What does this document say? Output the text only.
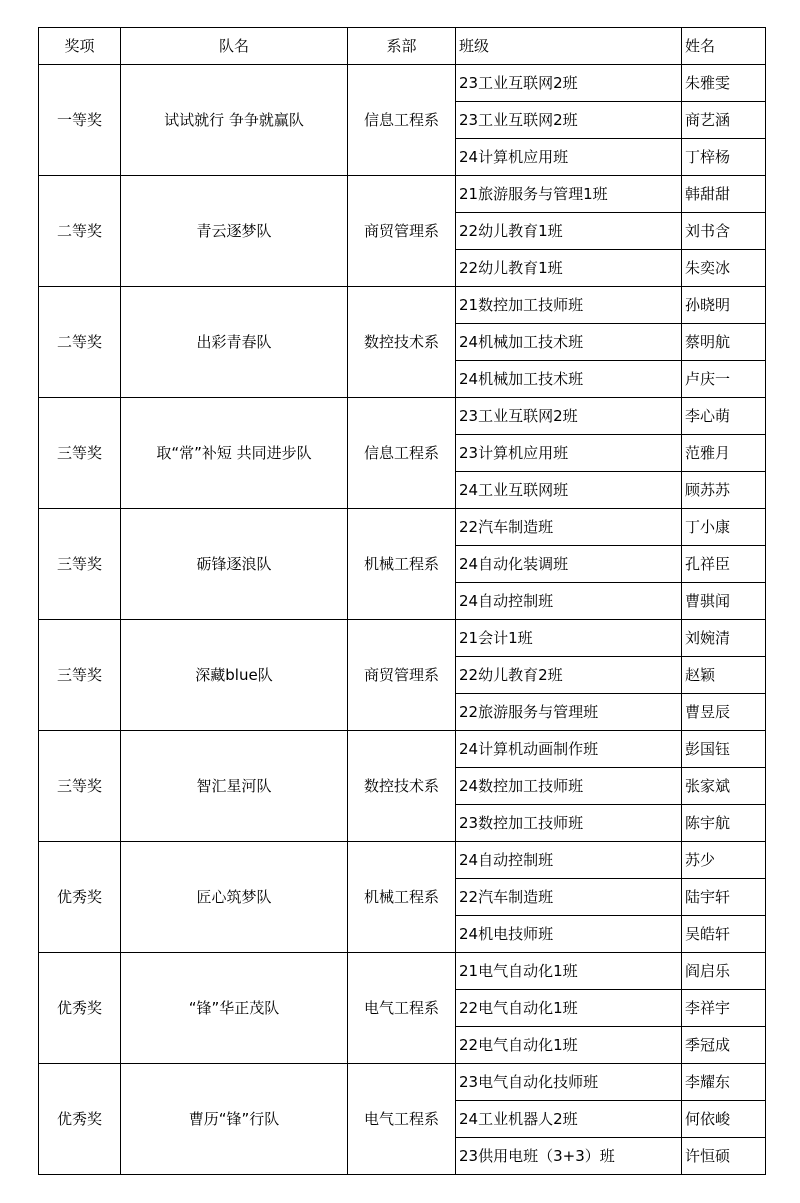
奖项	队名	系部	班级	姓名
一等奖	试试就行 争争就赢队	信息工程系	23工业互联网2班	朱雅雯
			23工业互联网2班	商艺涵
			24计算机应用班	丁梓杨
二等奖	青云逐梦队	商贸管理系	21旅游服务与管理1班	韩甜甜
			22幼儿教育1班	刘书含
			22幼儿教育1班	朱奕冰
二等奖	出彩青春队	数控技术系	21数控加工技师班	孙晓明
			24机械加工技术班	蔡明航
			24机械加工技术班	卢庆一
三等奖	取“常”补短 共同进步队	信息工程系	23工业互联网2班	李心萌
			23计算机应用班	范雅月
			24工业互联网班	顾苏苏
三等奖	砺锋逐浪队	机械工程系	22汽车制造班	丁小康
			24自动化装调班	孔祥臣
			24自动控制班	曹骐闻
三等奖	深藏blue队	商贸管理系	21会计1班	刘婉清
			22幼儿教育2班	赵颖
			22旅游服务与管理班	曹昱辰
三等奖	智汇星河队	数控技术系	24计算机动画制作班	彭国钰
			24数控加工技师班	张家斌
			23数控加工技师班	陈宇航
优秀奖	匠心筑梦队	机械工程系	24自动控制班	苏少
			22汽车制造班	陆宇轩
			24机电技师班	吴皓轩
优秀奖	“锋”华正茂队	电气工程系	21电气自动化1班	阎启乐
			22电气自动化1班	李祥宇
			22电气自动化1班	季冠成
优秀奖	曹历“锋”行队	电气工程系	23电气自动化技师班	李耀东
			24工业机器人2班	何依峻
			23供用电班（3+3）班	许恒硕
